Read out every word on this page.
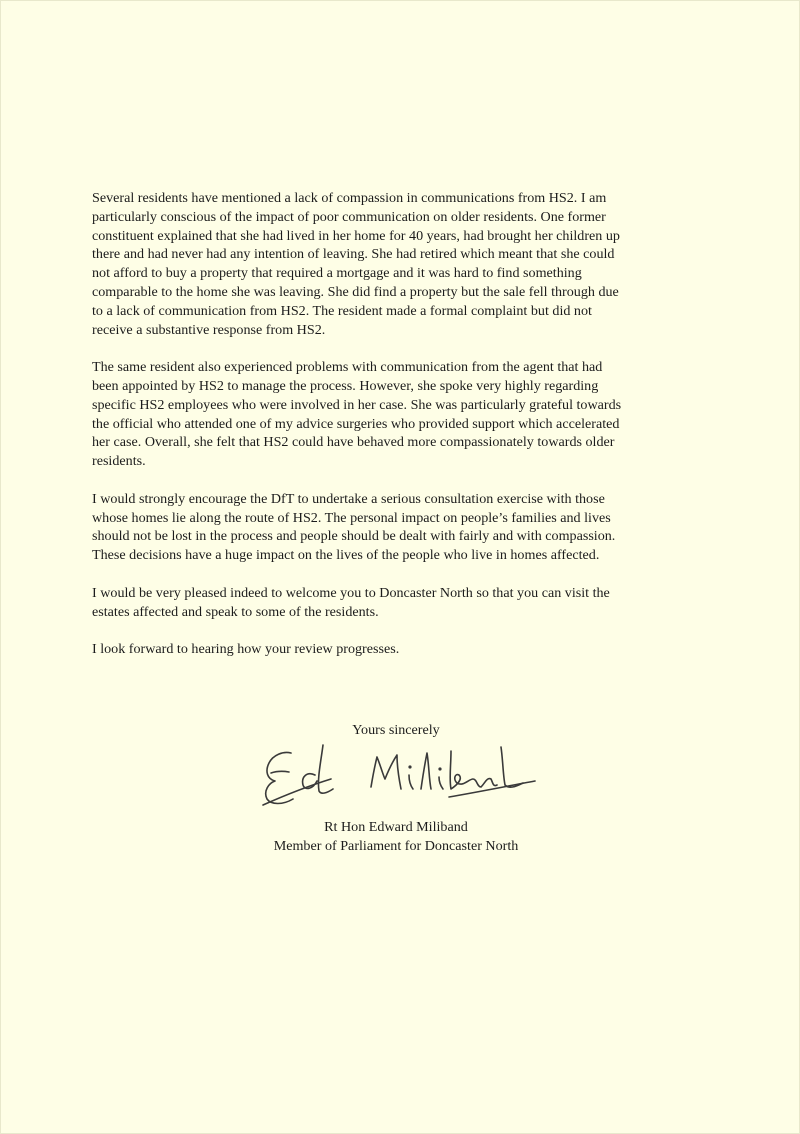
Several residents have mentioned a lack of compassion in communications from HS2. I am
particularly conscious of the impact of poor communication on older residents. One former
constituent explained that she had lived in her home for 40 years, had brought her children up
there and had never had any intention of leaving. She had retired which meant that she could
not afford to buy a property that required a mortgage and it was hard to find something
comparable to the home she was leaving. She did find a property but the sale fell through due
to a lack of communication from HS2. The resident made a formal complaint but did not
receive a substantive response from HS2.

The same resident also experienced problems with communication from the agent that had
been appointed by HS2 to manage the process. However, she spoke very highly regarding
specific HS2 employees who were involved in her case. She was particularly grateful towards
the official who attended one of my advice surgeries who provided support which accelerated
her case. Overall, she felt that HS2 could have behaved more compassionately towards older
residents.

I would strongly encourage the DfT to undertake a serious consultation exercise with those
whose homes lie along the route of HS2. The personal impact on people’s families and lives
should not be lost in the process and people should be dealt with fairly and with compassion.
These decisions have a huge impact on the lives of the people who live in homes affected.

I would be very pleased indeed to welcome you to Doncaster North so that you can visit the
estates affected and speak to some of the residents.

I look forward to hearing how your review progresses.

Yours sincerely
Rt Hon Edward Miliband
Member of Parliament for Doncaster North
